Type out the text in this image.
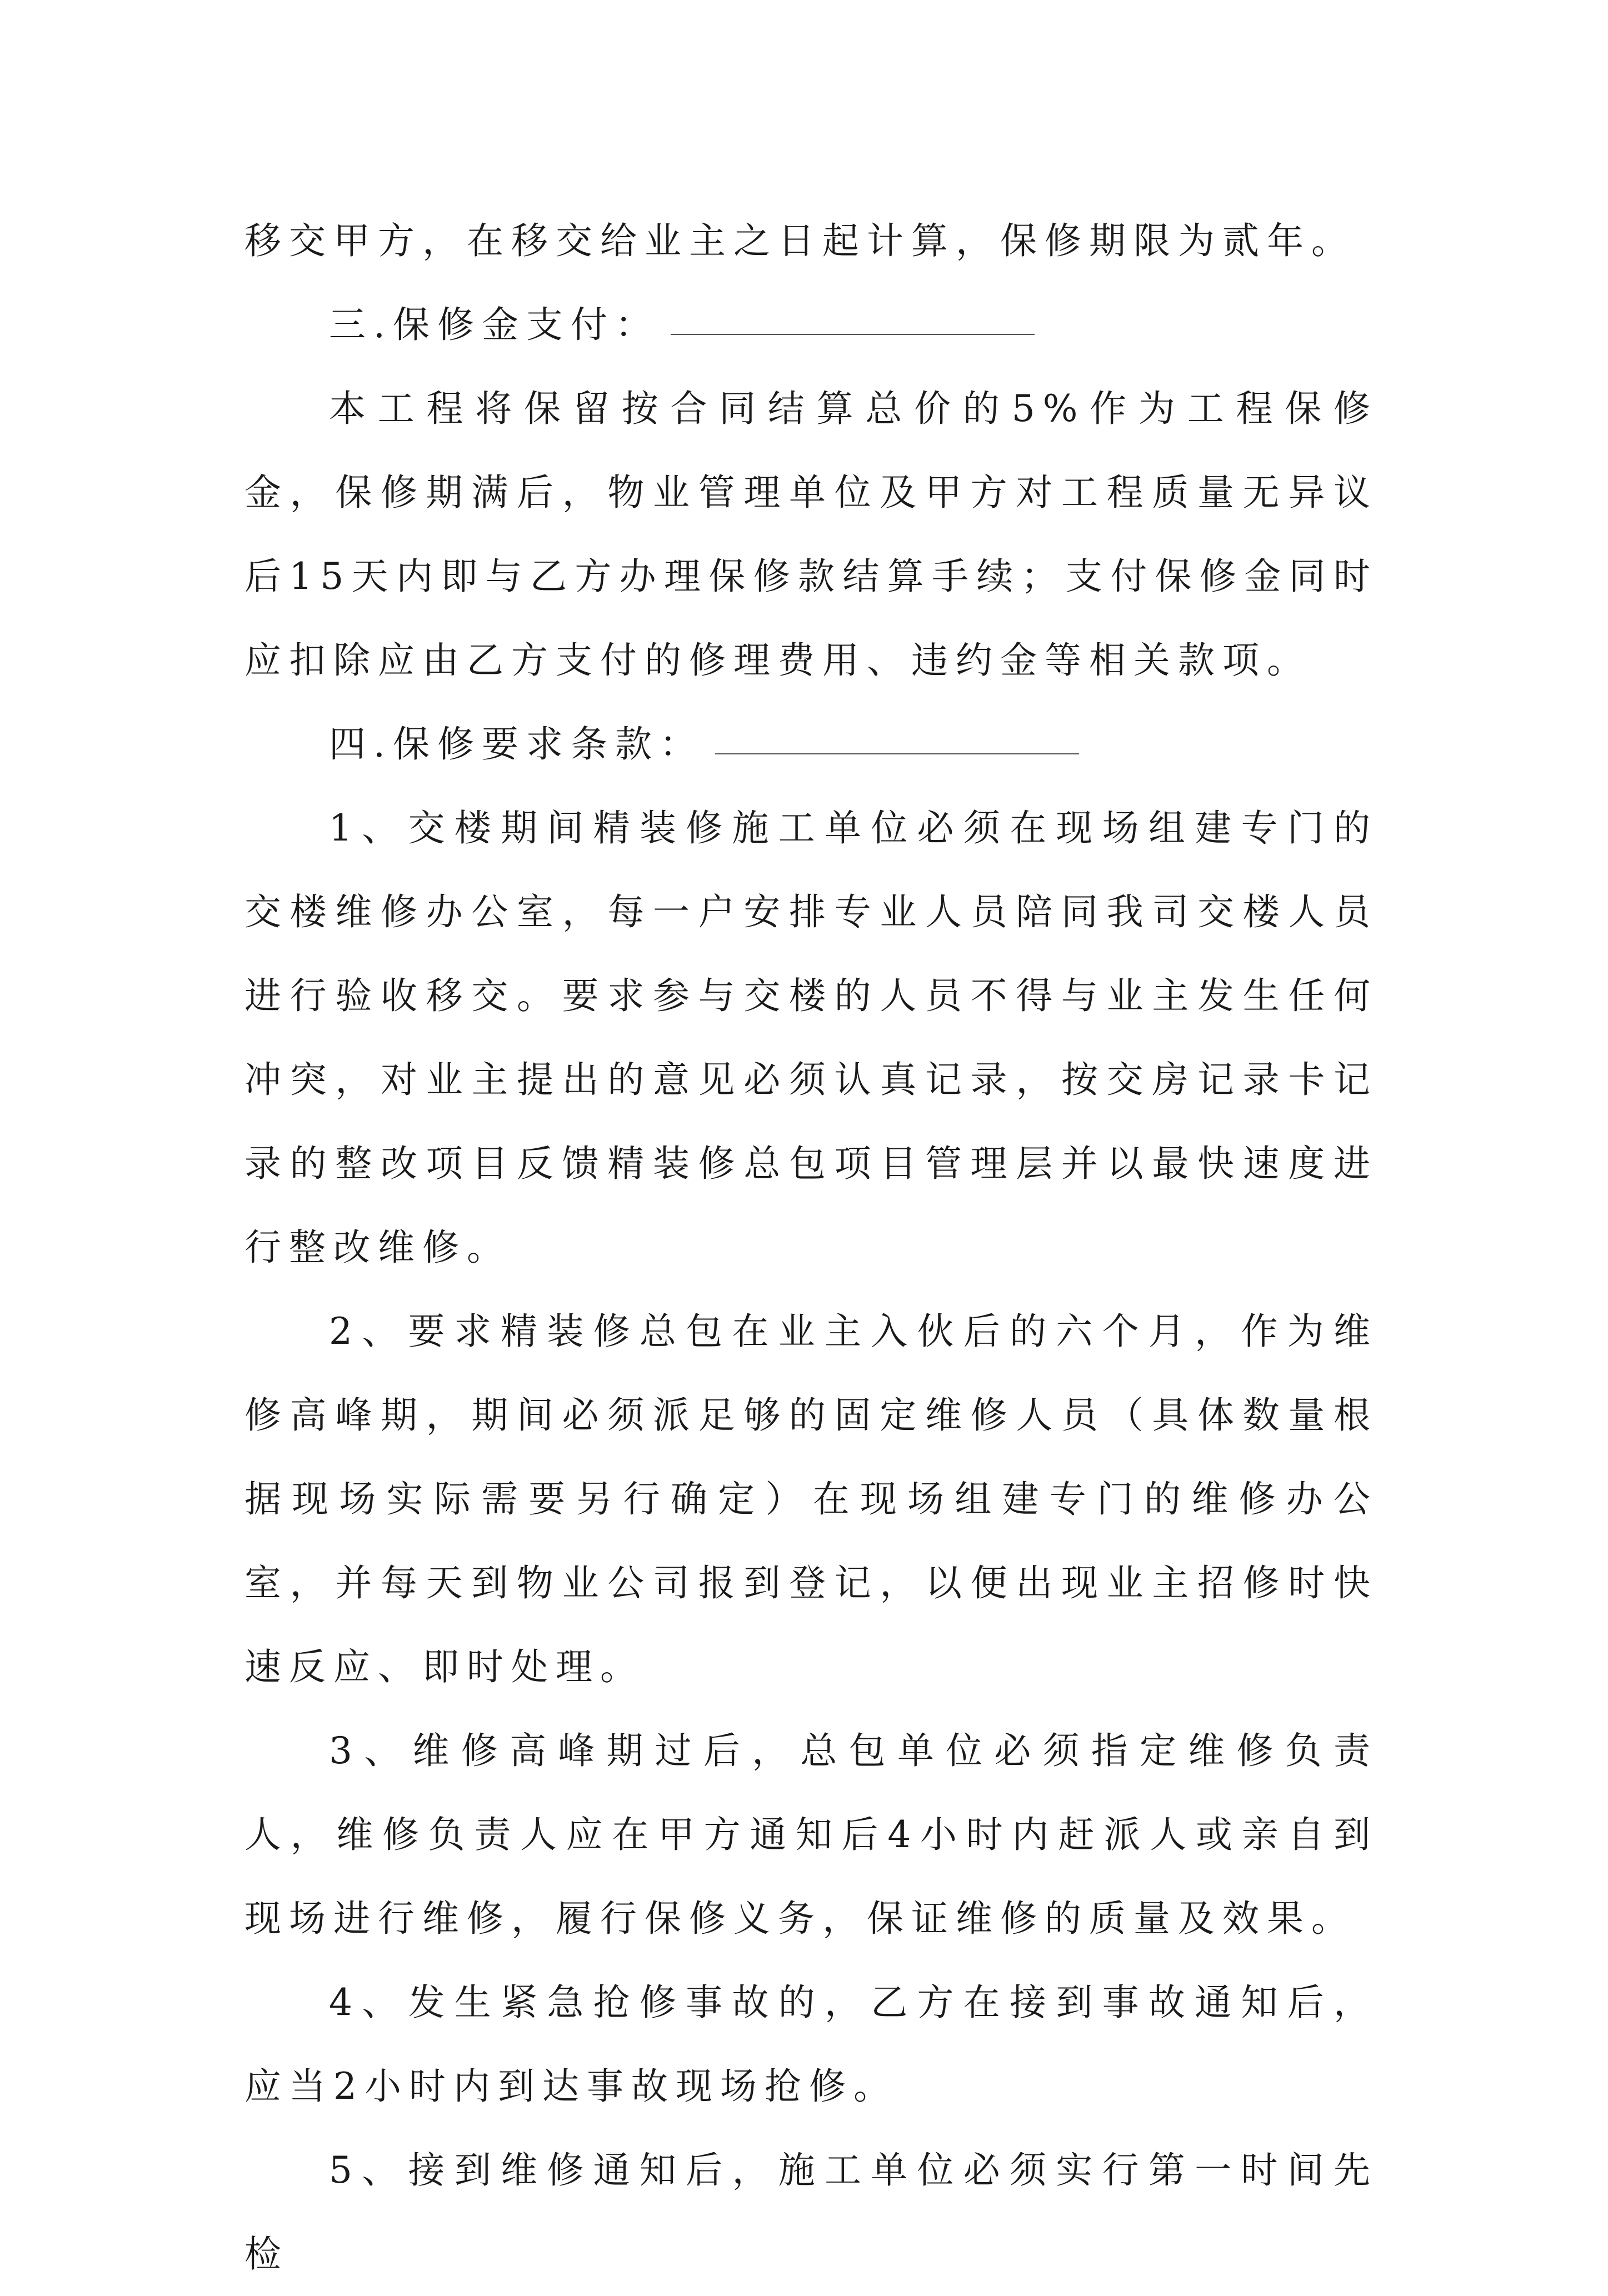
移交甲方，在移交给业主之日起计算，保修期限为贰年。

三.保修金支付：

本工程将保留按合同结算总价的5%作为工程保修金，保修期满后，物业管理单位及甲方对工程质量无异议后15天内即与乙方办理保修款结算手续；支付保修金同时应扣除应由乙方支付的修理费用、违约金等相关款项。

四.保修要求条款：

1、交楼期间精装修施工单位必须在现场组建专门的交楼维修办公室，每一户安排专业人员陪同我司交楼人员进行验收移交。要求参与交楼的人员不得与业主发生任何冲突，对业主提出的意见必须认真记录，按交房记录卡记录的整改项目反馈精装修总包项目管理层并以最快速度进行整改维修。

2、要求精装修总包在业主入伙后的六个月，作为维修高峰期，期间必须派足够的固定维修人员（具体数量根据现场实际需要另行确定）在现场组建专门的维修办公室，并每天到物业公司报到登记，以便出现业主招修时快速反应、即时处理。

3、维修高峰期过后，总包单位必须指定维修负责人，维修负责人应在甲方通知后4小时内赶派人或亲自到现场进行维修，履行保修义务，保证维修的质量及效果。

4、发生紧急抢修事故的，乙方在接到事故通知后，应当2小时内到达事故现场抢修。

5、接到维修通知后，施工单位必须实行第一时间先检
